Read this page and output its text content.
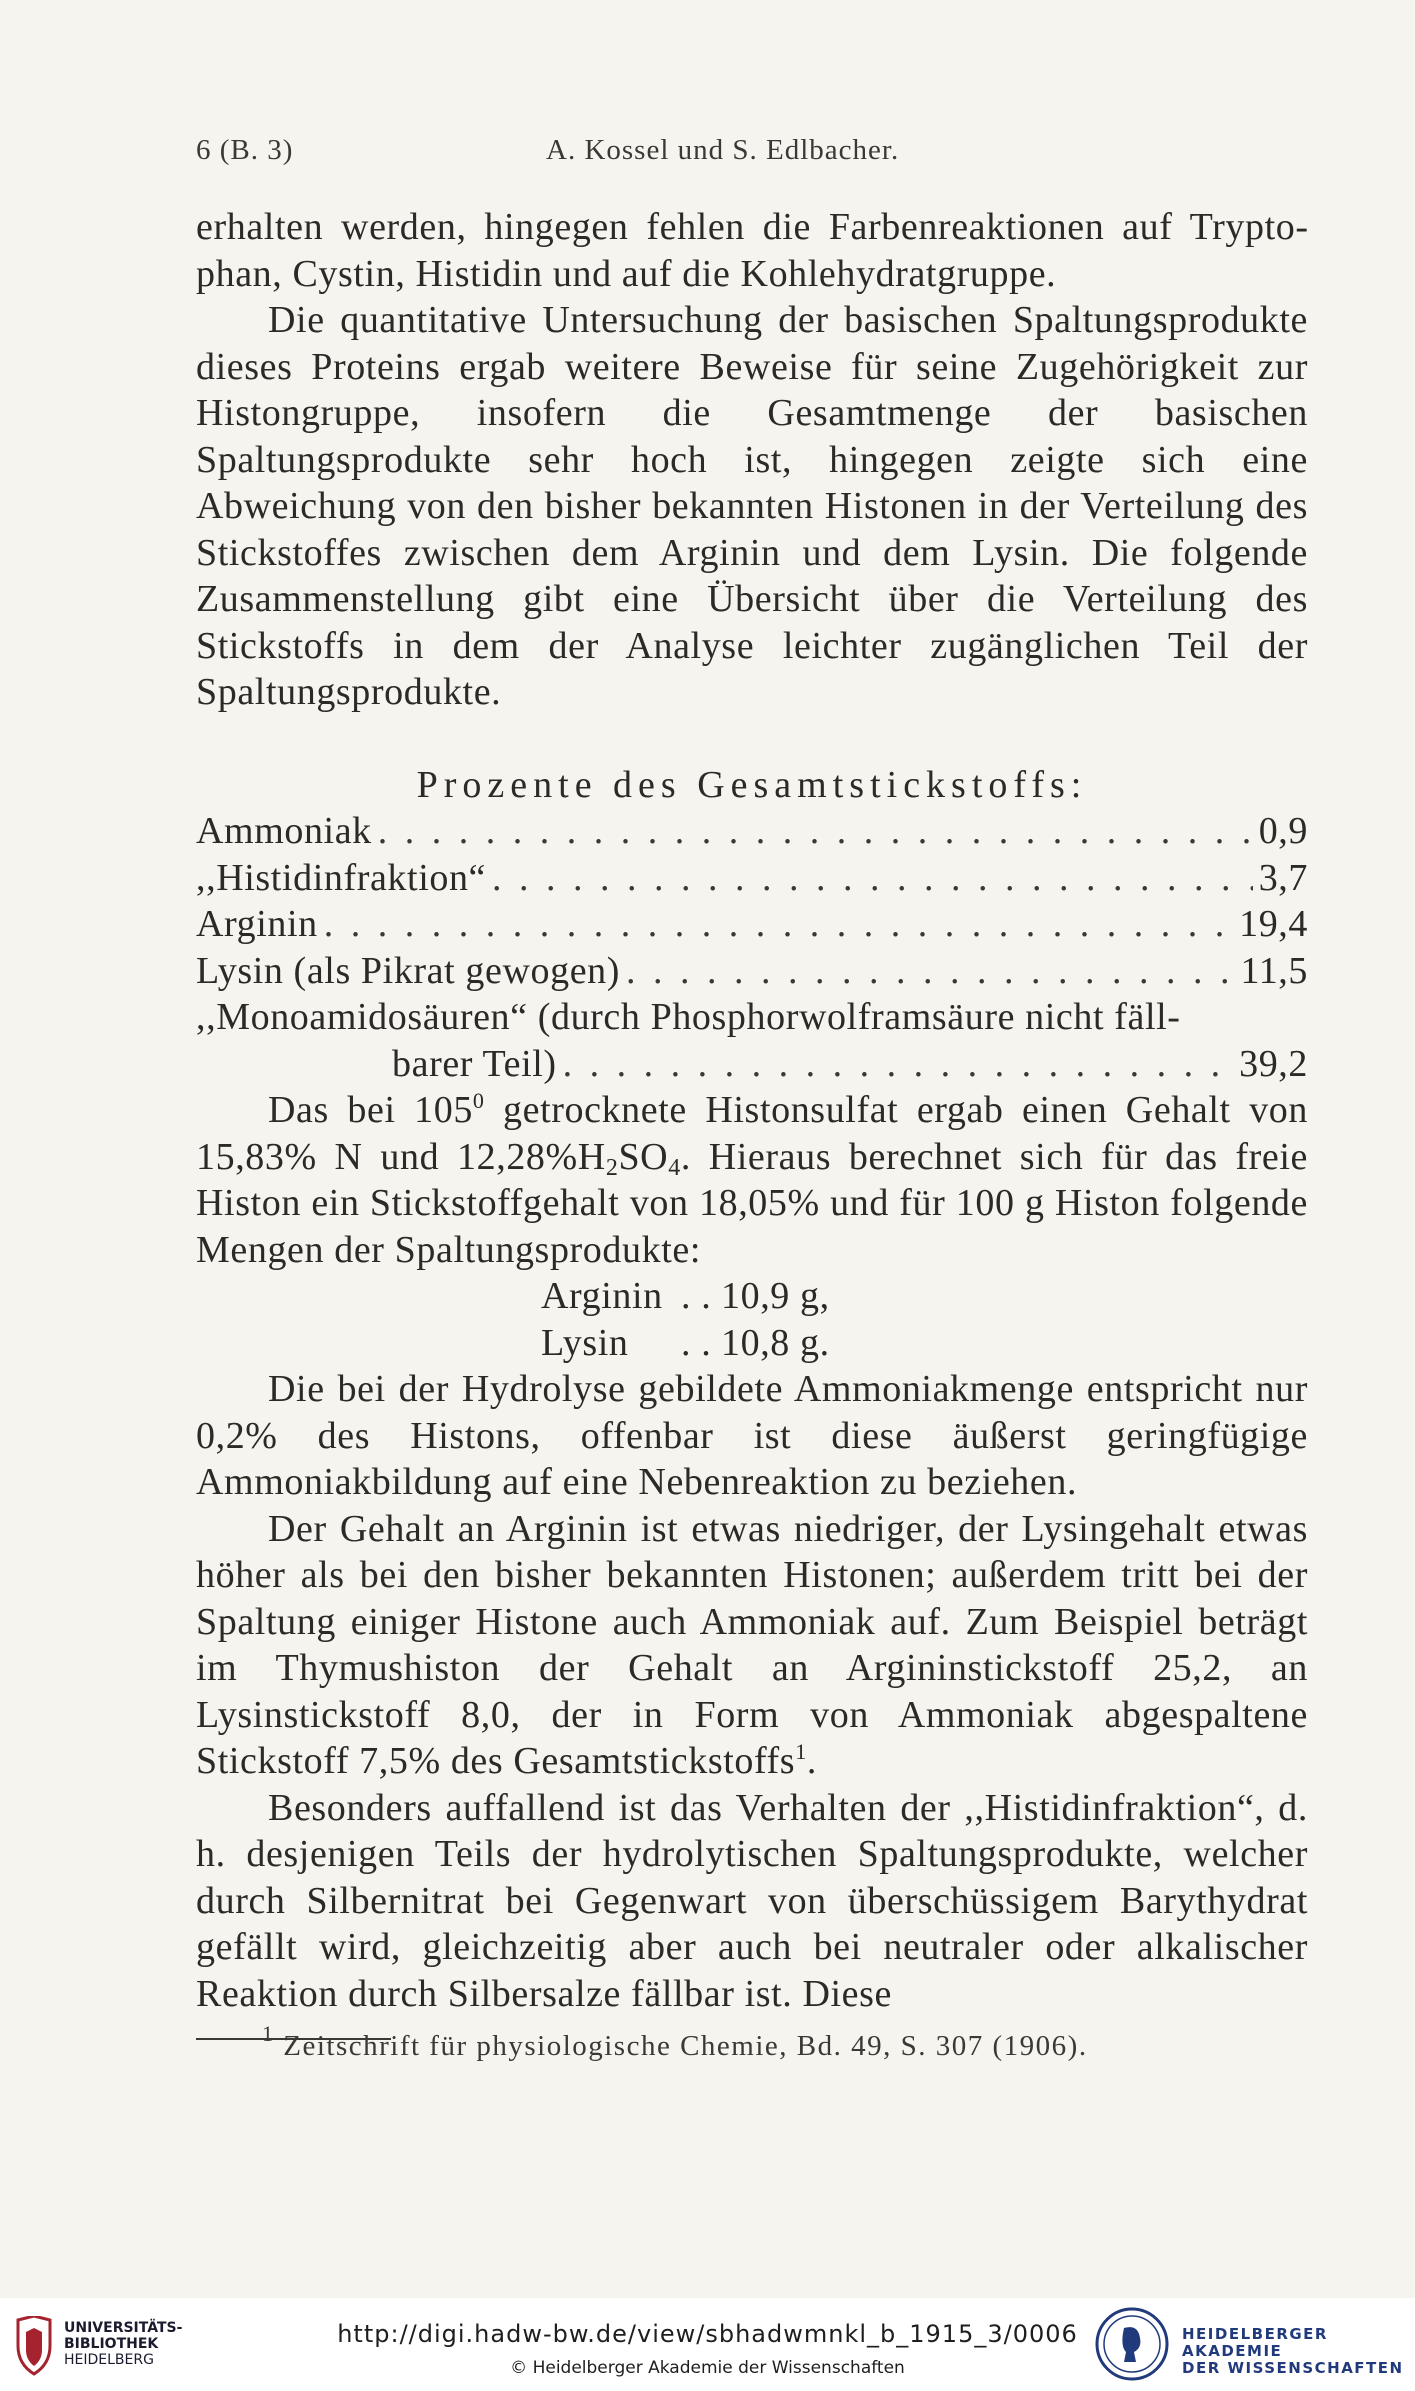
6 (B. 3)	A. Kossel und S. Edlbacher.

erhalten werden, hingegen fehlen die Farbenreaktionen auf Tryptophan, Cystin, Histidin und auf die Kohlehydratgruppe.

Die quantitative Untersuchung der basischen Spaltungsprodukte dieses Proteins ergab weitere Beweise für seine Zugehörigkeit zur Histongruppe, insofern die Gesamtmenge der basischen Spaltungsprodukte sehr hoch ist, hingegen zeigte sich eine Abweichung von den bisher bekannten Histonen in der Verteilung des Stickstoffes zwischen dem Arginin und dem Lysin. Die folgende Zusammenstellung gibt eine Übersicht über die Verteilung des Stickstoffs in dem der Analyse leichter zugänglichen Teil der Spaltungsprodukte.

Prozente des Gesamtstickstoffs:
Ammoniak . . .	0,9
,,Histidinfraktion“ . . .	3,7
Arginin . . .	19,4
Lysin (als Pikrat gewogen) . . .	11,5
,,Monoamidosäuren“ (durch Phosphorwolframsäure nicht fäll-
barer Teil) . . .	39,2

Das bei $105^0$ getrocknete Histonsulfat ergab einen Gehalt von 15,83% N und $12,28\%H_2SO_4$. Hieraus berechnet sich für das freie Histon ein Stickstoffgehalt von 18,05% und für 100 g Histon folgende Mengen der Spaltungsprodukte:

Arginin . . 10,9 g,
Lysin	. . 10,8 g.

Die bei der Hydrolyse gebildete Ammoniakmenge entspricht nur 0,2% des Histons, offenbar ist diese äußerst geringfügige Ammoniakbildung auf eine Nebenreaktion zu beziehen.

Der Gehalt an Arginin ist etwas niedriger, der Lysingehalt etwas höher als bei den bisher bekannten Histonen; außerdem tritt bei der Spaltung einiger Histone auch Ammoniak auf. Zum Beispiel beträgt im Thymushiston der Gehalt an Argininstickstoff 25,2, an Lysinstickstoff 8,0, der in Form von Ammoniak abgespaltene Stickstoff 7,5% des Gesamtstickstoffs$^1$.

Besonders auffallend ist das Verhalten der ,,Histidinfraktion“, d. h. desjenigen Teils der hydrolytischen Spaltungsprodukte, welcher durch Silbernitrat bei Gegenwart von überschüssigem Barythydrat gefällt wird, gleichzeitig aber auch bei neutraler oder alkalischer Reaktion durch Silbersalze fällbar ist. Diese

$^1$ Zeitschrift für physiologische Chemie, Bd. 49, S. 307 (1906).
UNIVERSITÄTS-
BIBLIOTHEK
HEIDELBERG
http://digi.hadw-bw.de/view/sbhadwmnkl_b_1915_3/0006
© Heidelberger Akademie der Wissenschaften
HEIDELBERGER AKADEMIE
DER WISSENSCHAFTEN
